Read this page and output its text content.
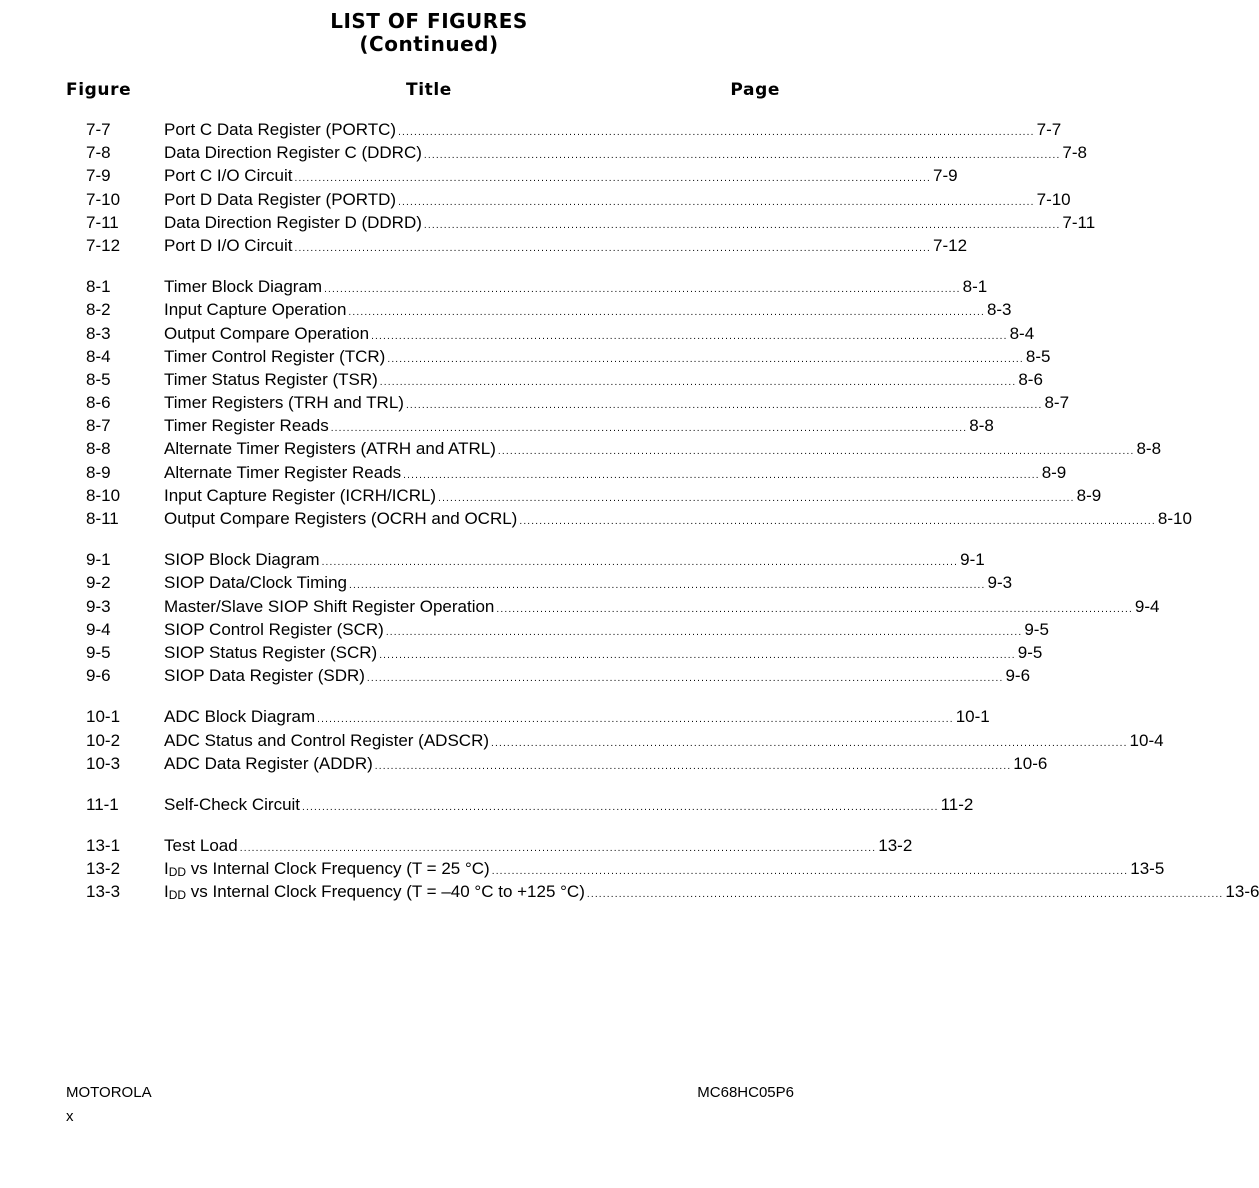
LIST OF FIGURES
(Continued)
Figure	Title	Page
7-7	Port C Data Register (PORTC) ................................................................................................................................................................ 7-7
7-8	Data Direction Register C (DDRC) ................................................................................................................................................................ 7-8
7-9	Port C I/O Circuit ................................................................................................................................................................ 7-9
7-10	Port D Data Register (PORTD) ................................................................................................................................................................ 7-10
7-11	Data Direction Register D (DDRD) ................................................................................................................................................................ 7-11
7-12	Port D I/O Circuit ................................................................................................................................................................ 7-12
8-1	Timer Block Diagram ................................................................................................................................................................ 8-1
8-2	Input Capture Operation ................................................................................................................................................................ 8-3
8-3	Output Compare Operation ................................................................................................................................................................ 8-4
8-4	Timer Control Register (TCR) ................................................................................................................................................................ 8-5
8-5	Timer Status Register (TSR) ................................................................................................................................................................ 8-6
8-6	Timer Registers (TRH and TRL) ................................................................................................................................................................ 8-7
8-7	Timer Register Reads ................................................................................................................................................................ 8-8
8-8	Alternate Timer Registers (ATRH and ATRL) ................................................................................................................................................................ 8-8
8-9	Alternate Timer Register Reads ................................................................................................................................................................ 8-9
8-10	Input Capture Register (ICRH/ICRL) ................................................................................................................................................................ 8-9
8-11	Output Compare Registers (OCRH and OCRL) ................................................................................................................................................................ 8-10
9-1	SIOP Block Diagram ................................................................................................................................................................ 9-1
9-2	SIOP Data/Clock Timing ................................................................................................................................................................ 9-3
9-3	Master/Slave SIOP Shift Register Operation ................................................................................................................................................................ 9-4
9-4	SIOP Control Register (SCR) ................................................................................................................................................................ 9-5
9-5	SIOP Status Register (SCR) ................................................................................................................................................................ 9-5
9-6	SIOP Data Register (SDR) ................................................................................................................................................................ 9-6
10-1	ADC Block Diagram ................................................................................................................................................................ 10-1
10-2	ADC Status and Control Register (ADSCR) ................................................................................................................................................................ 10-4
10-3	ADC Data Register (ADDR) ................................................................................................................................................................ 10-6
11-1	Self-Check Circuit ................................................................................................................................................................ 11-2
13-1	Test Load ................................................................................................................................................................ 13-2
13-2	$I_{DD}$ vs Internal Clock Frequency (T = 25 °C) ................................................................................................................................................................ 13-5
13-3	$I_{DD}$ vs Internal Clock Frequency (T = –40 °C to +125 °C) ................................................................................................................................................................ 13-6
MOTOROLA	MC68HC05P6
x
